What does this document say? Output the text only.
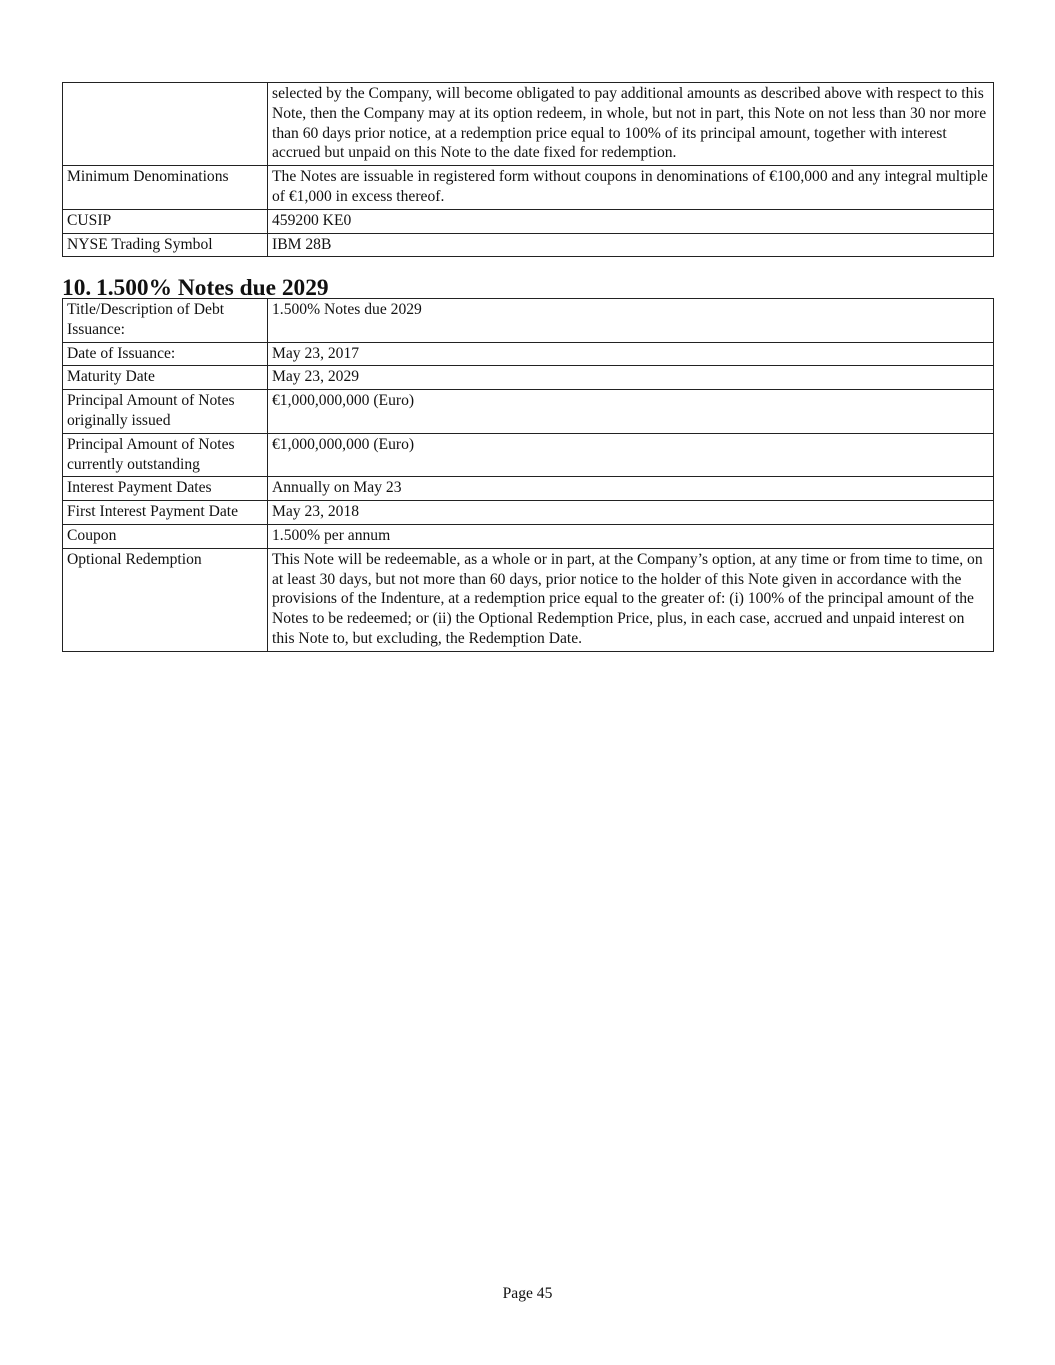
	selected by the Company, will become obligated to pay additional amounts as described above with respect to this Note, then the Company may at its option redeem, in whole, but not in part, this Note on not less than 30 nor more than 60 days prior notice, at a redemption price equal to 100% of its principal amount, together with interest accrued but unpaid on this Note to the date fixed for redemption.
Minimum Denominations	The Notes are issuable in registered form without coupons in denominations of €100,000 and any integral multiple of €1,000 in excess thereof.
CUSIP	459200 KE0
NYSE Trading Symbol	IBM 28B
10. 1.500% Notes due 2029
Title/Description of Debt Issuance:	1.500% Notes due 2029
Date of Issuance:	May 23, 2017
Maturity Date	May 23, 2029
Principal Amount of Notes originally issued	€1,000,000,000 (Euro)
Principal Amount of Notes currently outstanding	€1,000,000,000 (Euro)
Interest Payment Dates	Annually on May 23
First Interest Payment Date	May 23, 2018
Coupon	1.500% per annum
Optional Redemption	This Note will be redeemable, as a whole or in part, at the Company’s option, at any time or from time to time, on at least 30 days, but not more than 60 days, prior notice to the holder of this Note given in accordance with the provisions of the Indenture, at a redemption price equal to the greater of: (i) 100% of the principal amount of the Notes to be redeemed; or (ii) the Optional Redemption Price, plus, in each case, accrued and unpaid interest on this Note to, but excluding, the Redemption Date.
Page 45
